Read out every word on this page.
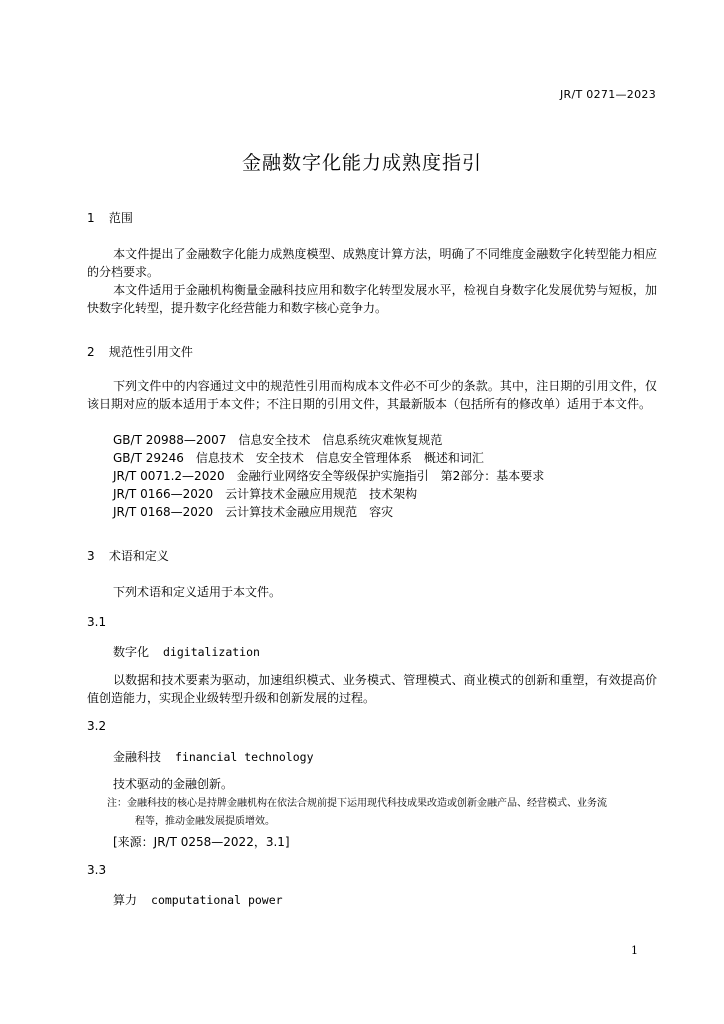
JR/T 0271—2023
金融数字化能力成熟度指引
1 范围
本文件提出了金融数字化能力成熟度模型、成熟度计算方法，明确了不同维度金融数字化转型能力相应的分档要求。
本文件适用于金融机构衡量金融科技应用和数字化转型发展水平，检视自身数字化发展优势与短板，加快数字化转型，提升数字化经营能力和数字核心竞争力。
2 规范性引用文件
下列文件中的内容通过文中的规范性引用而构成本文件必不可少的条款。其中，注日期的引用文件，仅该日期对应的版本适用于本文件；不注日期的引用文件，其最新版本（包括所有的修改单）适用于本文件。
GB/T 20988—2007　信息安全技术　信息系统灾难恢复规范
GB/T 29246　信息技术　安全技术　信息安全管理体系　概述和词汇
JR/T 0071.2—2020　金融行业网络安全等级保护实施指引　第2部分：基本要求
JR/T 0166—2020　云计算技术金融应用规范　技术架构
JR/T 0168—2020　云计算技术金融应用规范　容灾
3 术语和定义
下列术语和定义适用于本文件。
3.1
数字化 digitalization
以数据和技术要素为驱动，加速组织模式、业务模式、管理模式、商业模式的创新和重塑，有效提高价值创造能力，实现企业级转型升级和创新发展的过程。
3.2
金融科技 financial technology
技术驱动的金融创新。
注：金融科技的核心是持牌金融机构在依法合规前提下运用现代科技成果改造或创新金融产品、经营模式、业务流
程等，推动金融发展提质增效。
[来源：JR/T 0258—2022，3.1]
3.3
算力 computational power
1
